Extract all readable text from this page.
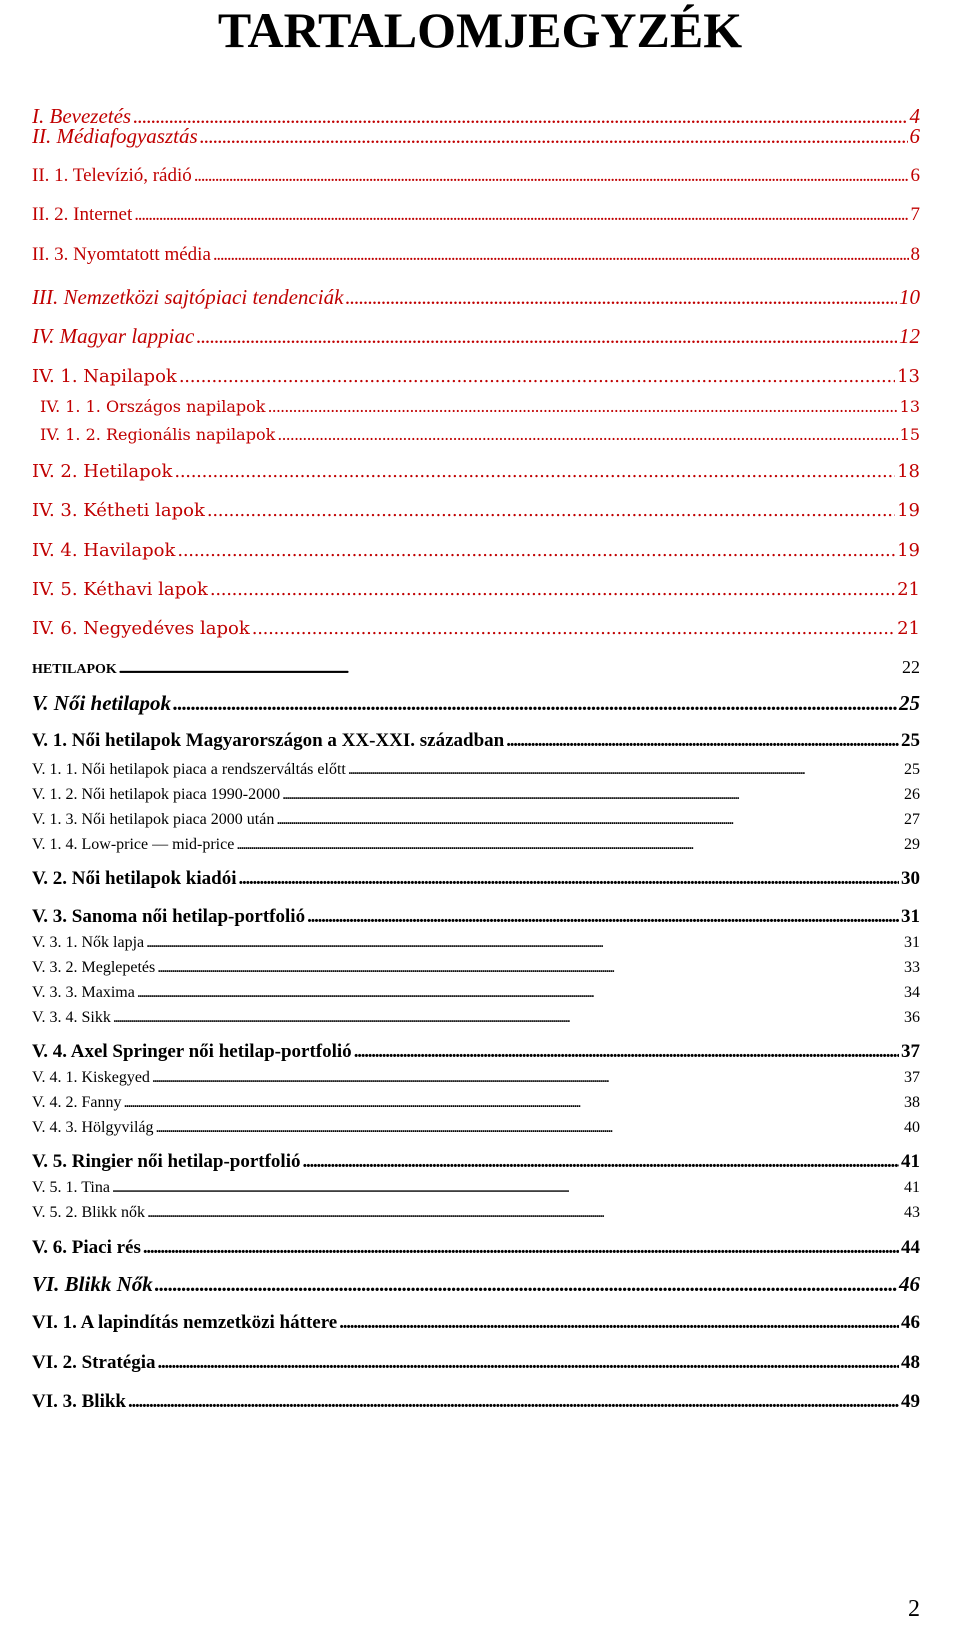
TARTALOMJEGYZÉK
I. Bevezetés . . .	4
II. Médiafogyasztás . . .	6
II. 1. Televízió, rádió . . .	6
II. 2. Internet . . .	7
II. 3. Nyomtatott média . . .	8
III. Nemzetközi sajtópiaci tendenciák . . .	10
IV. Magyar lappiac . . .	12
IV. 1. Napilapok . . .	13
IV. 1. 1. Országos napilapok . . .	13
IV. 1. 2. Regionális napilapok . . .	15
IV. 2. Hetilapok . . .	18
IV. 3. Kétheti lapok . . .	19
IV. 4. Havilapok . . .	19
IV. 5. Kéthavi lapok . . .	21
IV. 6. Negyedéves lapok . . .	21
HETILAPOK . . .	22
V. Női hetilapok . . .	25
V. 1. Női hetilapok Magyarországon a XX-XXI. században . . .	25
V. 1. 1. Női hetilapok piaca a rendszerváltás előtt . . .	25
V. 1. 2. Női hetilapok piaca 1990-2000 . . .	26
V. 1. 3. Női hetilapok piaca 2000 után . . .	27
V. 1. 4. Low-price — mid-price . . .	29
V. 2. Női hetilapok kiadói . . .	30
V. 3. Sanoma női hetilap-portfolió . . .	31
V. 3. 1. Nők lapja . . .	31
V. 3. 2. Meglepetés . . .	33
V. 3. 3. Maxima . . .	34
V. 3. 4. Sikk . . .	36
V. 4. Axel Springer női hetilap-portfolió . . .	37
V. 4. 1. Kiskegyed . . .	37
V. 4. 2. Fanny . . .	38
V. 4. 3. Hölgyvilág . . .	40
V. 5. Ringier női hetilap-portfolió . . .	41
V. 5. 1. Tina . . .	41
V. 5. 2. Blikk nők . . .	43
V. 6. Piaci rés . . .	44
VI. Blikk Nők . . .	46
VI. 1. A lapindítás nemzetközi háttere . . .	46
VI. 2. Stratégia . . .	48
VI. 3. Blikk . . .	49
2
